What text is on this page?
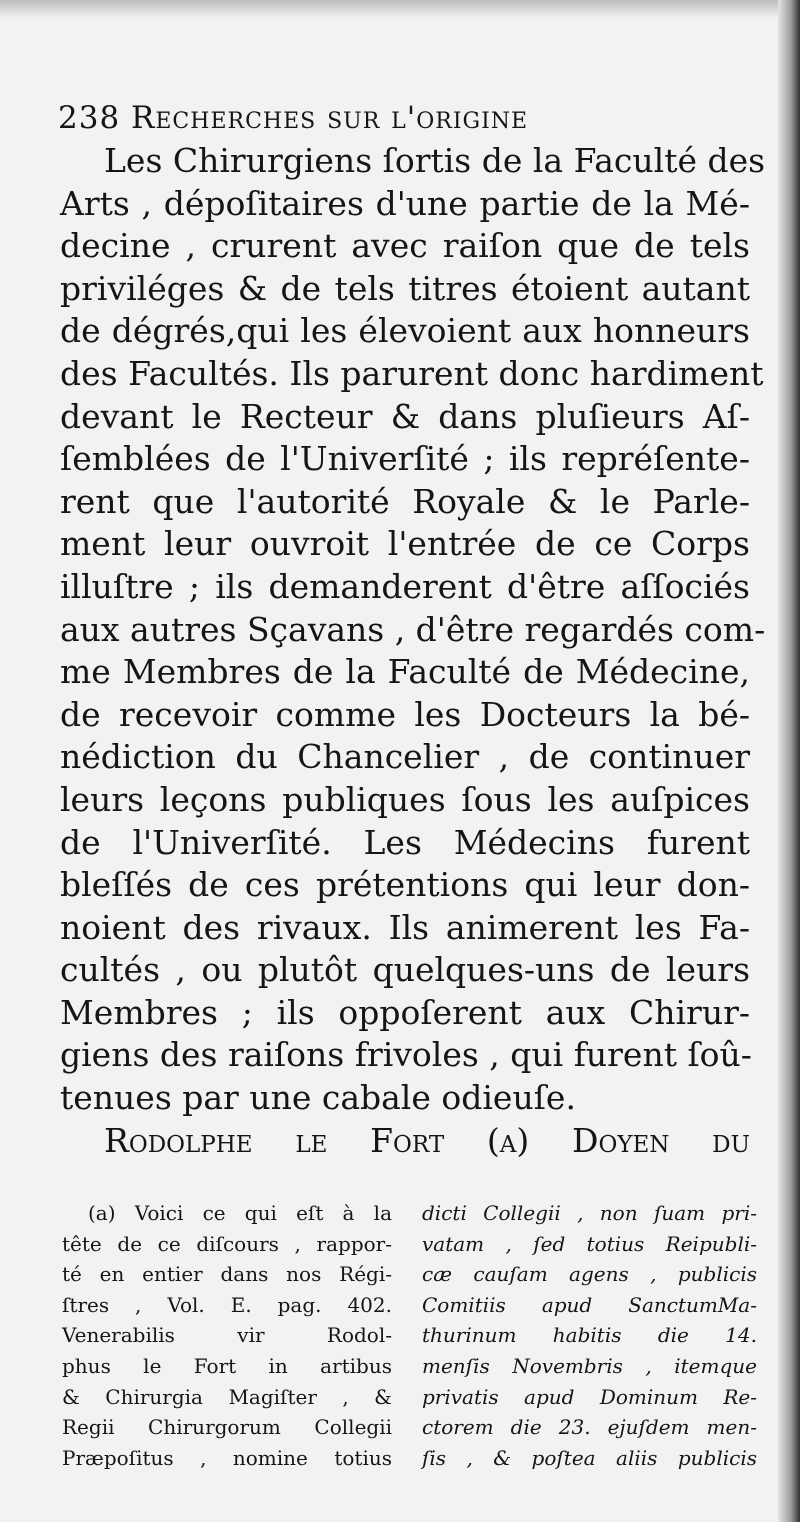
238 Recherches sur l'origine
Les Chirurgiens ſortis de la Faculté des
Arts , dépoſitaires d'une partie de la Mé-
decine , crurent avec raiſon que de tels
priviléges & de tels titres étoient autant
de dégrés,qui les élevoient aux honneurs
des Facultés. Ils parurent donc hardiment
devant le Recteur & dans pluſieurs Aſ-
ſemblées de l'Univerſité ; ils repréſente-
rent que l'autorité Royale & le Parle-
ment leur ouvroit l'entrée de ce Corps
illuſtre ; ils demanderent d'être aſſociés
aux autres Sçavans , d'être regardés com-
me Membres de la Faculté de Médecine,
de recevoir comme les Docteurs la bé-
nédiction du Chancelier , de continuer
leurs leçons publiques ſous les auſpices
de l'Univerſité. Les Médecins furent
bleſſés de ces prétentions qui leur don-
noient des rivaux. Ils animerent les Fa-
cultés , ou plutôt quelques-uns de leurs
Membres ; ils oppoſerent aux Chirur-
giens des raiſons frivoles , qui furent ſoû-
tenues par une cabale odieuſe.
Rodolphe le Fort (a) Doyen du
(a) Voici ce qui eſt à la
tête de ce diſcours , rappor-
té en entier dans nos Régi-
ſtres , Vol. E. pag. 402.
Venerabilis vir Rodol-
phus le Fort in artibus
& Chirurgia Magiſter , &
Regii Chirurgorum Collegii
Præpoſitus , nomine totius
dicti Collegii , non ſuam pri-
vatam , ſed totius Reipubli-
cæ cauſam agens , publicis
Comitiis apud SanctumMa-
thurinum habitis die 14.
menſis Novembris , itemque
privatis apud Dominum Re-
ctorem die 23. ejuſdem men-
ſis , & poſtea aliis publicis
